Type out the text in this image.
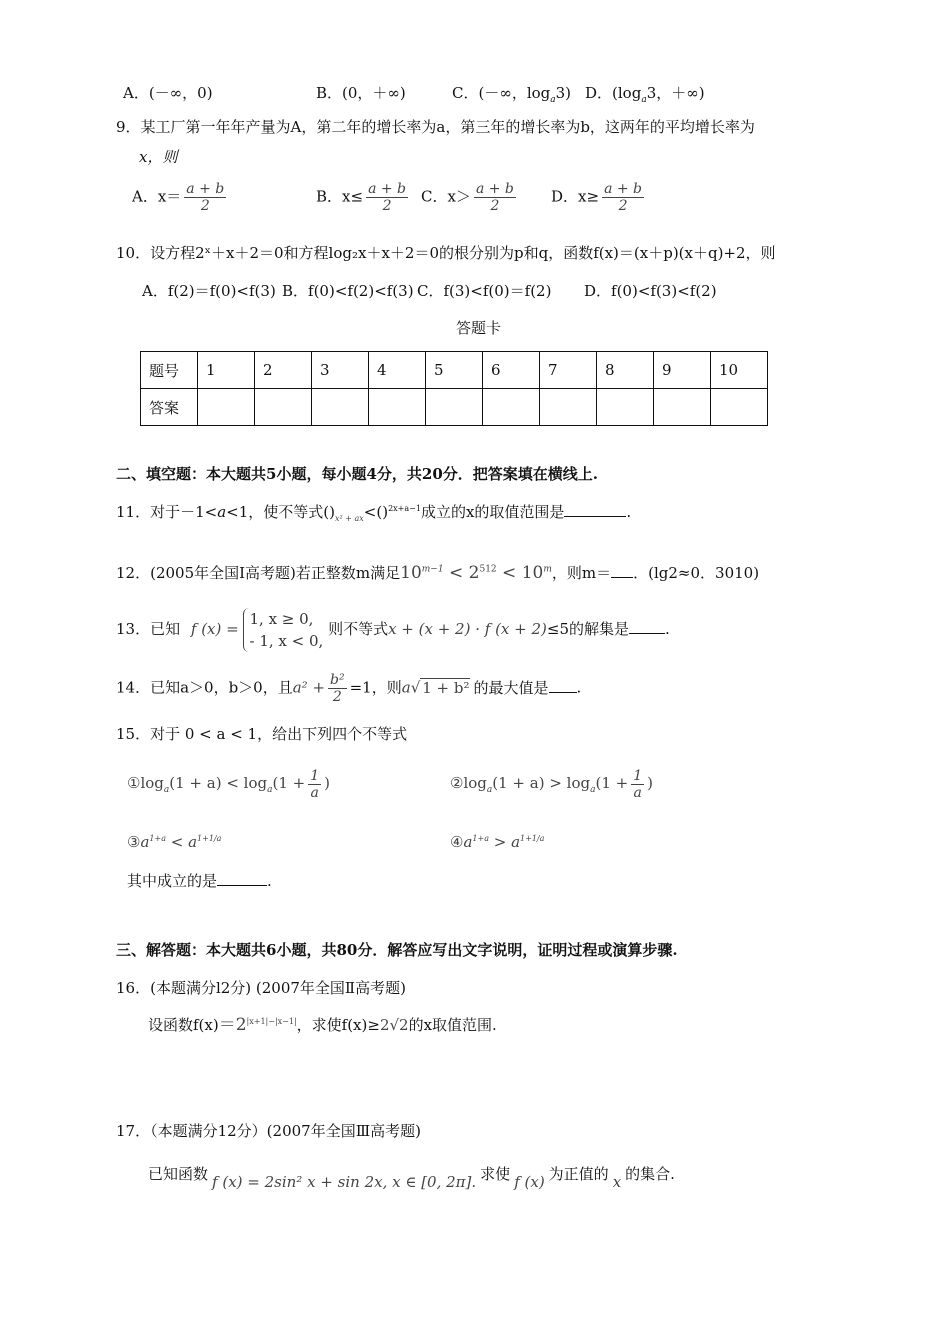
A．(－∞，0)	B．(0，＋∞)	C．(－∞，$\log_a3$) D．($\log_a3$，＋∞)
9．某工厂第一年年产量为A，第二年的增长率为a，第三年的增长率为b，这两年的平均增长率为
x，则
A．$x= \frac{a + b}{2}$	B．$x\le \frac{a + b}{2}$ C．$x> \frac{a + b}{2}$ D．$x\ge \frac{a + b}{2}$
10．设方程2ˣ＋x＋2＝0和方程log₂x＋x＋2＝0的根分别为p和q，函数f(x)＝(x＋p)(x＋q)+2，则
A．f(2)＝f(0)<f(3) B．f(0)<f(2)<f(3) C．f(3)<f(0)＝f(2) D．f(0)<f(3)<f(2)
答题卡
题号	1	2	3	4	5	6	7	8	9	10
答案										
二、填空题：本大题共5小题，每小题4分，共20分．把答案填在横线上.
11．对于－1<a<1，使不等式$()_{x^2 + ax}<()^{2x+a-1}$成立的x的取值范围是	.
12．(2005年全国Ⅰ高考题)若正整数m满足$10^{m-1} < 2^{512} < 10^m$，则m＝ ．(lg2≈0．3010)
13．已知 f (x) =
1, x ≥ 0,
- 1, x < 0,
则不等式x + (x + 2) · f (x + 2)≤5的解集是 .
14．已知a＞0，b＞0，且$a^2 + \frac{\text{b²}}{2} =1$，则a√ 1 + b² 的最大值是 .
15．对于 0 < a < 1，给出下列四个不等式
$①\log_a(1 + a) < \log_a(1 + \frac{1}{a}$ )	$②\log_a(1 + a) > \log_a(1 + \frac{1}{a}$ )
$③a^{1+a} < a^{1+1/a}$	$④a^{1+a} > a^{1+1/a}$
其中成立的是	.
三、解答题：本大题共6小题，共80分．解答应写出文字说明，证明过程或演算步骤.
16．(本题满分l2分) (2007年全国Ⅱ高考题)
设函数$f(x)=2^{|x+1|-|x-1|}$，求使f(x)≥2√2的x取值范围.
17．（本题满分12分）(2007年全国Ⅲ高考题)
已知函数 f (x) = 2sin² x + sin 2x, x ∈ [0, 2π]. 求使 f (x) 为正值的 x 的集合.
